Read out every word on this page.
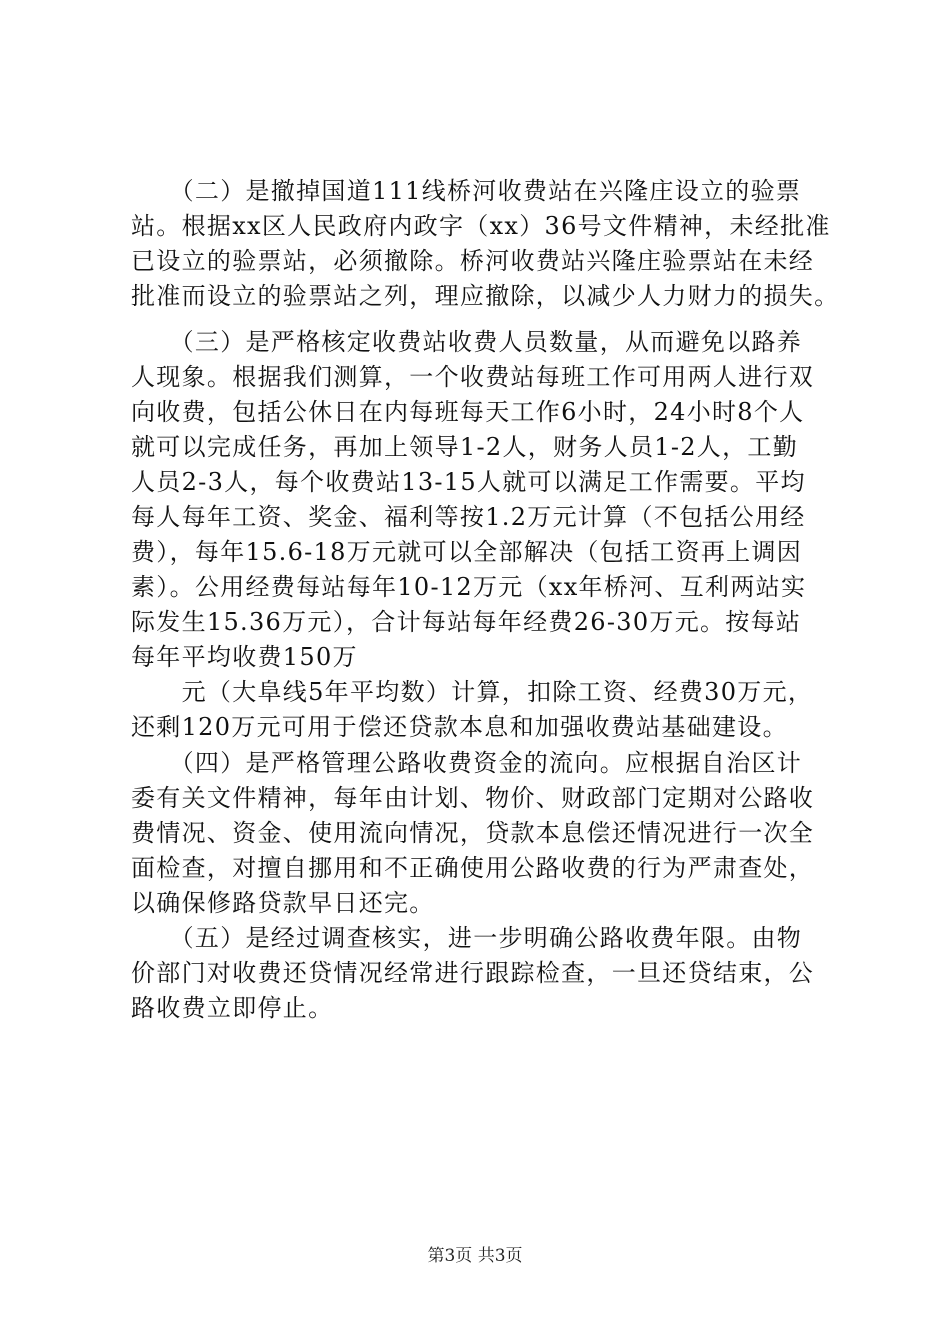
　　（二）是撤掉国道111线桥河收费站在兴隆庄设立的验票
站。根据xx区人民政府内政字（xx）36号文件精神，未经批准
已设立的验票站，必须撤除。桥河收费站兴隆庄验票站在未经
批准而设立的验票站之列，理应撤除，以减少人力财力的损失。
　　（三）是严格核定收费站收费人员数量，从而避免以路养
人现象。根据我们测算，一个收费站每班工作可用两人进行双
向收费，包括公休日在内每班每天工作6小时，24小时8个人
就可以完成任务，再加上领导1-2人，财务人员1-2人，工勤
人员2-3人，每个收费站13-15人就可以满足工作需要。平均
每人每年工资、奖金、福利等按1.2万元计算（不包括公用经
费），每年15.6-18万元就可以全部解决（包括工资再上调因
素）。公用经费每站每年10-12万元（xx年桥河、互利两站实
际发生15.36万元），合计每站每年经费26-30万元。按每站
每年平均收费150万
　　元（大阜线5年平均数）计算，扣除工资、经费30万元，
还剩120万元可用于偿还贷款本息和加强收费站基础建设。
　　（四）是严格管理公路收费资金的流向。应根据自治区计
委有关文件精神，每年由计划、物价、财政部门定期对公路收
费情况、资金、使用流向情况，贷款本息偿还情况进行一次全
面检查，对擅自挪用和不正确使用公路收费的行为严肃查处，
以确保修路贷款早日还完。
　　（五）是经过调查核实，进一步明确公路收费年限。由物
价部门对收费还贷情况经常进行跟踪检查，一旦还贷结束，公
路收费立即停止。
第3页 共3页
